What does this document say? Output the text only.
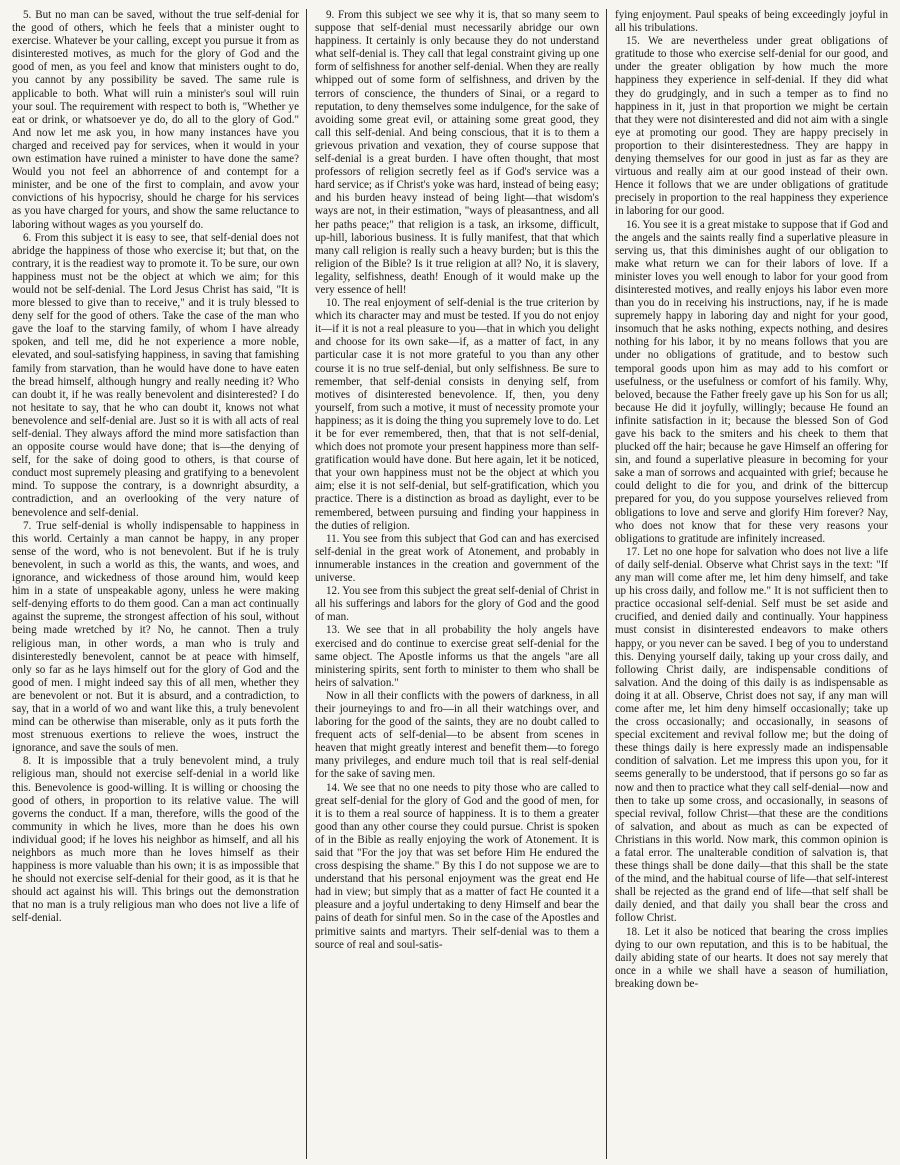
5. But no man can be saved, without the true self-denial for the good of others, which he feels that a minister ought to exercise. Whatever be your calling, except you pursue it from as disinterested motives, as much for the glory of God and the good of men, as you feel and know that ministers ought to do, you cannot by any possibility be saved. The same rule is applicable to both. What will ruin a minister's soul will ruin your soul. The requirement with respect to both is, "Whether ye eat or drink, or whatsoever ye do, do all to the glory of God." And now let me ask you, in how many instances have you charged and received pay for services, when it would in your own estimation have ruined a minister to have done the same? Would you not feel an abhorrence of and contempt for a minister, and be one of the first to complain, and avow your convictions of his hypocrisy, should he charge for his services as you have charged for yours, and show the same reluctance to laboring without wages as you yourself do.

6. From this subject it is easy to see, that self-denial does not abridge the happiness of those who exercise it; but that, on the contrary, it is the readiest way to promote it. To be sure, our own happiness must not be the object at which we aim; for this would not be self-denial. The Lord Jesus Christ has said, "It is more blessed to give than to receive," and it is truly blessed to deny self for the good of others. Take the case of the man who gave the loaf to the starving family, of whom I have already spoken, and tell me, did he not experience a more noble, elevated, and soul-satisfying happiness, in saving that famishing family from starvation, than he would have done to have eaten the bread himself, although hungry and really needing it? Who can doubt it, if he was really benevolent and disinterested? I do not hesitate to say, that he who can doubt it, knows not what benevolence and self-denial are. Just so it is with all acts of real self-denial. They always afford the mind more satisfaction than an opposite course would have done; that is—the denying of self, for the sake of doing good to others, is that course of conduct most supremely pleasing and gratifying to a benevolent mind. To suppose the contrary, is a downright absurdity, a contradiction, and an overlooking of the very nature of benevolence and self-denial.

7. True self-denial is wholly indispensable to happiness in this world. Certainly a man cannot be happy, in any proper sense of the word, who is not benevolent. But if he is truly benevolent, in such a world as this, the wants, and woes, and ignorance, and wickedness of those around him, would keep him in a state of unspeakable agony, unless he were making self-denying efforts to do them good. Can a man act continually against the supreme, the strongest affection of his soul, without being made wretched by it? No, he cannot. Then a truly religious man, in other words, a man who is truly and disinterestedly benevolent, cannot be at peace with himself, only so far as he lays himself out for the glory of God and the good of men. I might indeed say this of all men, whether they are benevolent or not. But it is absurd, and a contradiction, to say, that in a world of wo and want like this, a truly benevolent mind can be otherwise than miserable, only as it puts forth the most strenuous exertions to relieve the woes, instruct the ignorance, and save the souls of men.

8. It is impossible that a truly benevolent mind, a truly religious man, should not exercise self-denial in a world like this. Benevolence is good-willing. It is willing or choosing the good of others, in proportion to its relative value. The will governs the conduct. If a man, therefore, wills the good of the community in which he lives, more than he does his own individual good; if he loves his neighbor as himself, and all his neighbors as much more than he loves himself as their happiness is more valuable than his own; it is as impossible that he should not exercise self-denial for their good, as it is that he should act against his will. This brings out the demonstration that no man is a truly religious man who does not live a life of self-denial.

9. From this subject we see why it is, that so many seem to suppose that self-denial must necessarily abridge our own happiness. It certainly is only because they do not understand what self-denial is. They call that legal constraint giving up one form of selfishness for another self-denial. When they are really whipped out of some form of selfishness, and driven by the terrors of conscience, the thunders of Sinai, or a regard to reputation, to deny themselves some indulgence, for the sake of avoiding some great evil, or attaining some great good, they call this self-denial. And being conscious, that it is to them a grievous privation and vexation, they of course suppose that self-denial is a great burden. I have often thought, that most professors of religion secretly feel as if God's service was a hard service; as if Christ's yoke was hard, instead of being easy; and his burden heavy instead of being light—that wisdom's ways are not, in their estimation, "ways of pleasantness, and all her paths peace;" that religion is a task, an irksome, difficult, up-hill, laborious business. It is fully manifest, that that which many call religion is really such a heavy burden; but is this the religion of the Bible? Is it true religion at all? No, it is slavery, legality, selfishness, death! Enough of it would make up the very essence of hell!

10. The real enjoyment of self-denial is the true criterion by which its character may and must be tested. If you do not enjoy it—if it is not a real pleasure to you—that in which you delight and choose for its own sake—if, as a matter of fact, in any particular case it is not more grateful to you than any other course it is no true self-denial, but only selfishness. Be sure to remember, that self-denial consists in denying self, from motives of disinterested benevolence. If, then, you deny yourself, from such a motive, it must of necessity promote your happiness; as it is doing the thing you supremely love to do. Let it be for ever remembered, then, that that is not self-denial, which does not promote your present happiness more than self-gratification would have done. But here again, let it be noticed, that your own happiness must not be the object at which you aim; else it is not self-denial, but self-gratification, which you practice. There is a distinction as broad as daylight, ever to be remembered, between pursuing and finding your happiness in the duties of religion.

11. You see from this subject that God can and has exercised self-denial in the great work of Atonement, and probably in innumerable instances in the creation and government of the universe.

12. You see from this subject the great self-denial of Christ in all his sufferings and labors for the glory of God and the good of man.

13. We see that in all probability the holy angels have exercised and do continue to exercise great self-denial for the same object. The Apostle informs us that the angels "are all ministering spirits, sent forth to minister to them who shall be heirs of salvation."

Now in all their conflicts with the powers of darkness, in all their journeyings to and fro—in all their watchings over, and laboring for the good of the saints, they are no doubt called to frequent acts of self-denial—to be absent from scenes in heaven that might greatly interest and benefit them—to forego many privileges, and endure much toil that is real self-denial for the sake of saving men.

14. We see that no one needs to pity those who are called to great self-denial for the glory of God and the good of men, for it is to them a real source of happiness. It is to them a greater good than any other course they could pursue. Christ is spoken of in the Bible as really enjoying the work of Atonement. It is said that "For the joy that was set before Him He endured the cross despising the shame." By this I do not suppose we are to understand that his personal enjoyment was the great end He had in view; but simply that as a matter of fact He counted it a pleasure and a joyful undertaking to deny Himself and bear the pains of death for sinful men. So in the case of the Apostles and primitive saints and martyrs. Their self-denial was to them a source of real and soul-satis-

fying enjoyment. Paul speaks of being exceedingly joyful in all his tribulations.

15. We are nevertheless under great obligations of gratitude to those who exercise self-denial for our good, and under the greater obligation by how much the more happiness they experience in self-denial. If they did what they do grudgingly, and in such a temper as to find no happiness in it, just in that proportion we might be certain that they were not disinterested and did not aim with a single eye at promoting our good. They are happy precisely in proportion to their disinterestedness. They are happy in denying themselves for our good in just as far as they are virtuous and really aim at our good instead of their own. Hence it follows that we are under obligations of gratitude precisely in proportion to the real happiness they experience in laboring for our good.

16. You see it is a great mistake to suppose that if God and the angels and the saints really find a superlative pleasure in serving us, that this diminishes aught of our obligation to make what return we can for their labors of love. If a minister loves you well enough to labor for your good from disinterested motives, and really enjoys his labor even more than you do in receiving his instructions, nay, if he is made supremely happy in laboring day and night for your good, insomuch that he asks nothing, expects nothing, and desires nothing for his labor, it by no means follows that you are under no obligations of gratitude, and to bestow such temporal goods upon him as may add to his comfort or usefulness, or the usefulness or comfort of his family. Why, beloved, because the Father freely gave up his Son for us all; because He did it joyfully, willingly; because He found an infinite satisfaction in it; because the blessed Son of God gave his back to the smiters and his cheek to them that plucked off the hair; because he gave Himself an offering for sin, and found a superlative pleasure in becoming for your sake a man of sorrows and acquainted with grief; because he could delight to die for you, and drink of the bittercup prepared for you, do you suppose yourselves relieved from obligations to love and serve and glorify Him forever? Nay, who does not know that for these very reasons your obligations to gratitude are infinitely increased.

17. Let no one hope for salvation who does not live a life of daily self-denial. Observe what Christ says in the text: "If any man will come after me, let him deny himself, and take up his cross daily, and follow me." It is not sufficient then to practice occasional self-denial. Self must be set aside and crucified, and denied daily and continually. Your happiness must consist in disinterested endeavors to make others happy, or you never can be saved. I beg of you to understand this. Denying yourself daily, taking up your cross daily, and following Christ daily, are indispensable conditions of salvation. And the doing of this daily is as indispensable as doing it at all. Observe, Christ does not say, if any man will come after me, let him deny himself occasionally; take up the cross occasionally; and occasionally, in seasons of special excitement and revival follow me; but the doing of these things daily is here expressly made an indispensable condition of salvation. Let me impress this upon you, for it seems generally to be understood, that if persons go so far as now and then to practice what they call self-denial—now and then to take up some cross, and occasionally, in seasons of special revival, follow Christ—that these are the conditions of salvation, and about as much as can be expected of Christians in this world. Now mark, this common opinion is a fatal error. The unalterable condition of salvation is, that these things shall be done daily—that this shall be the state of the mind, and the habitual course of life—that self-interest shall be rejected as the grand end of life—that self shall be daily denied, and that daily you shall bear the cross and follow Christ.

18. Let it also be noticed that bearing the cross implies dying to our own reputation, and this is to be habitual, the daily abiding state of our hearts. It does not say merely that once in a while we shall have a season of humiliation, breaking down be-
